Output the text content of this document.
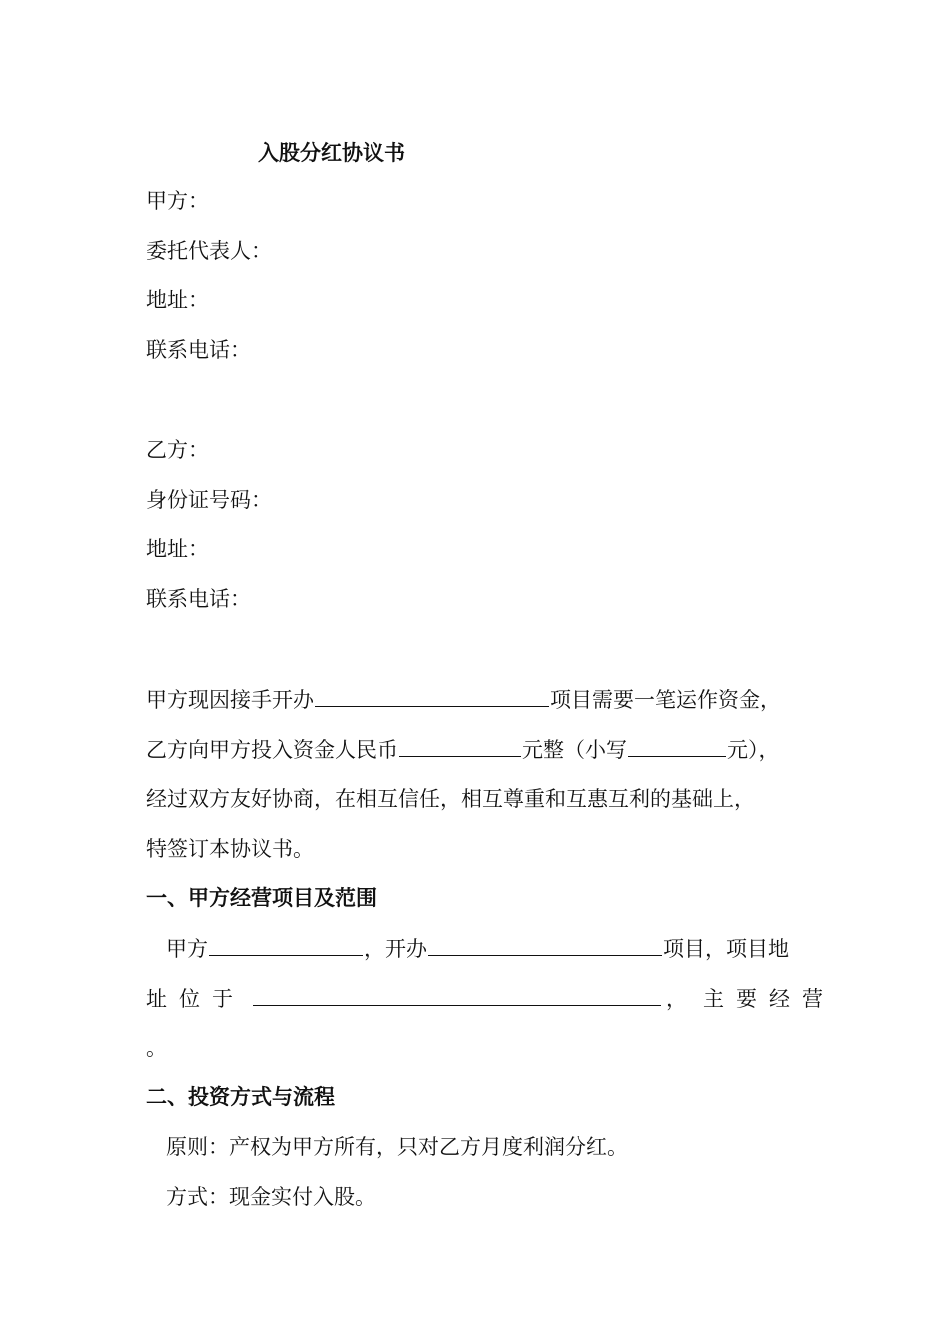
入股分红协议书
甲方：
委托代表人：
地址：
联系电话：
乙方：
身份证号码：
地址：
联系电话：
甲方现因接手开办	项目需要一笔运作资金，
乙方向甲方投入资金人民币	元整（小写	元），
经过双方友好协商，在相互信任，相互尊重和互惠互利的基础上，
特签订本协议书。
一、甲方经营项目及范围
甲方	，开办	项目，项目地
址位于	， 主要经营
。
二、投资方式与流程
原则：产权为甲方所有，只对乙方月度利润分红。
方式：现金实付入股。
